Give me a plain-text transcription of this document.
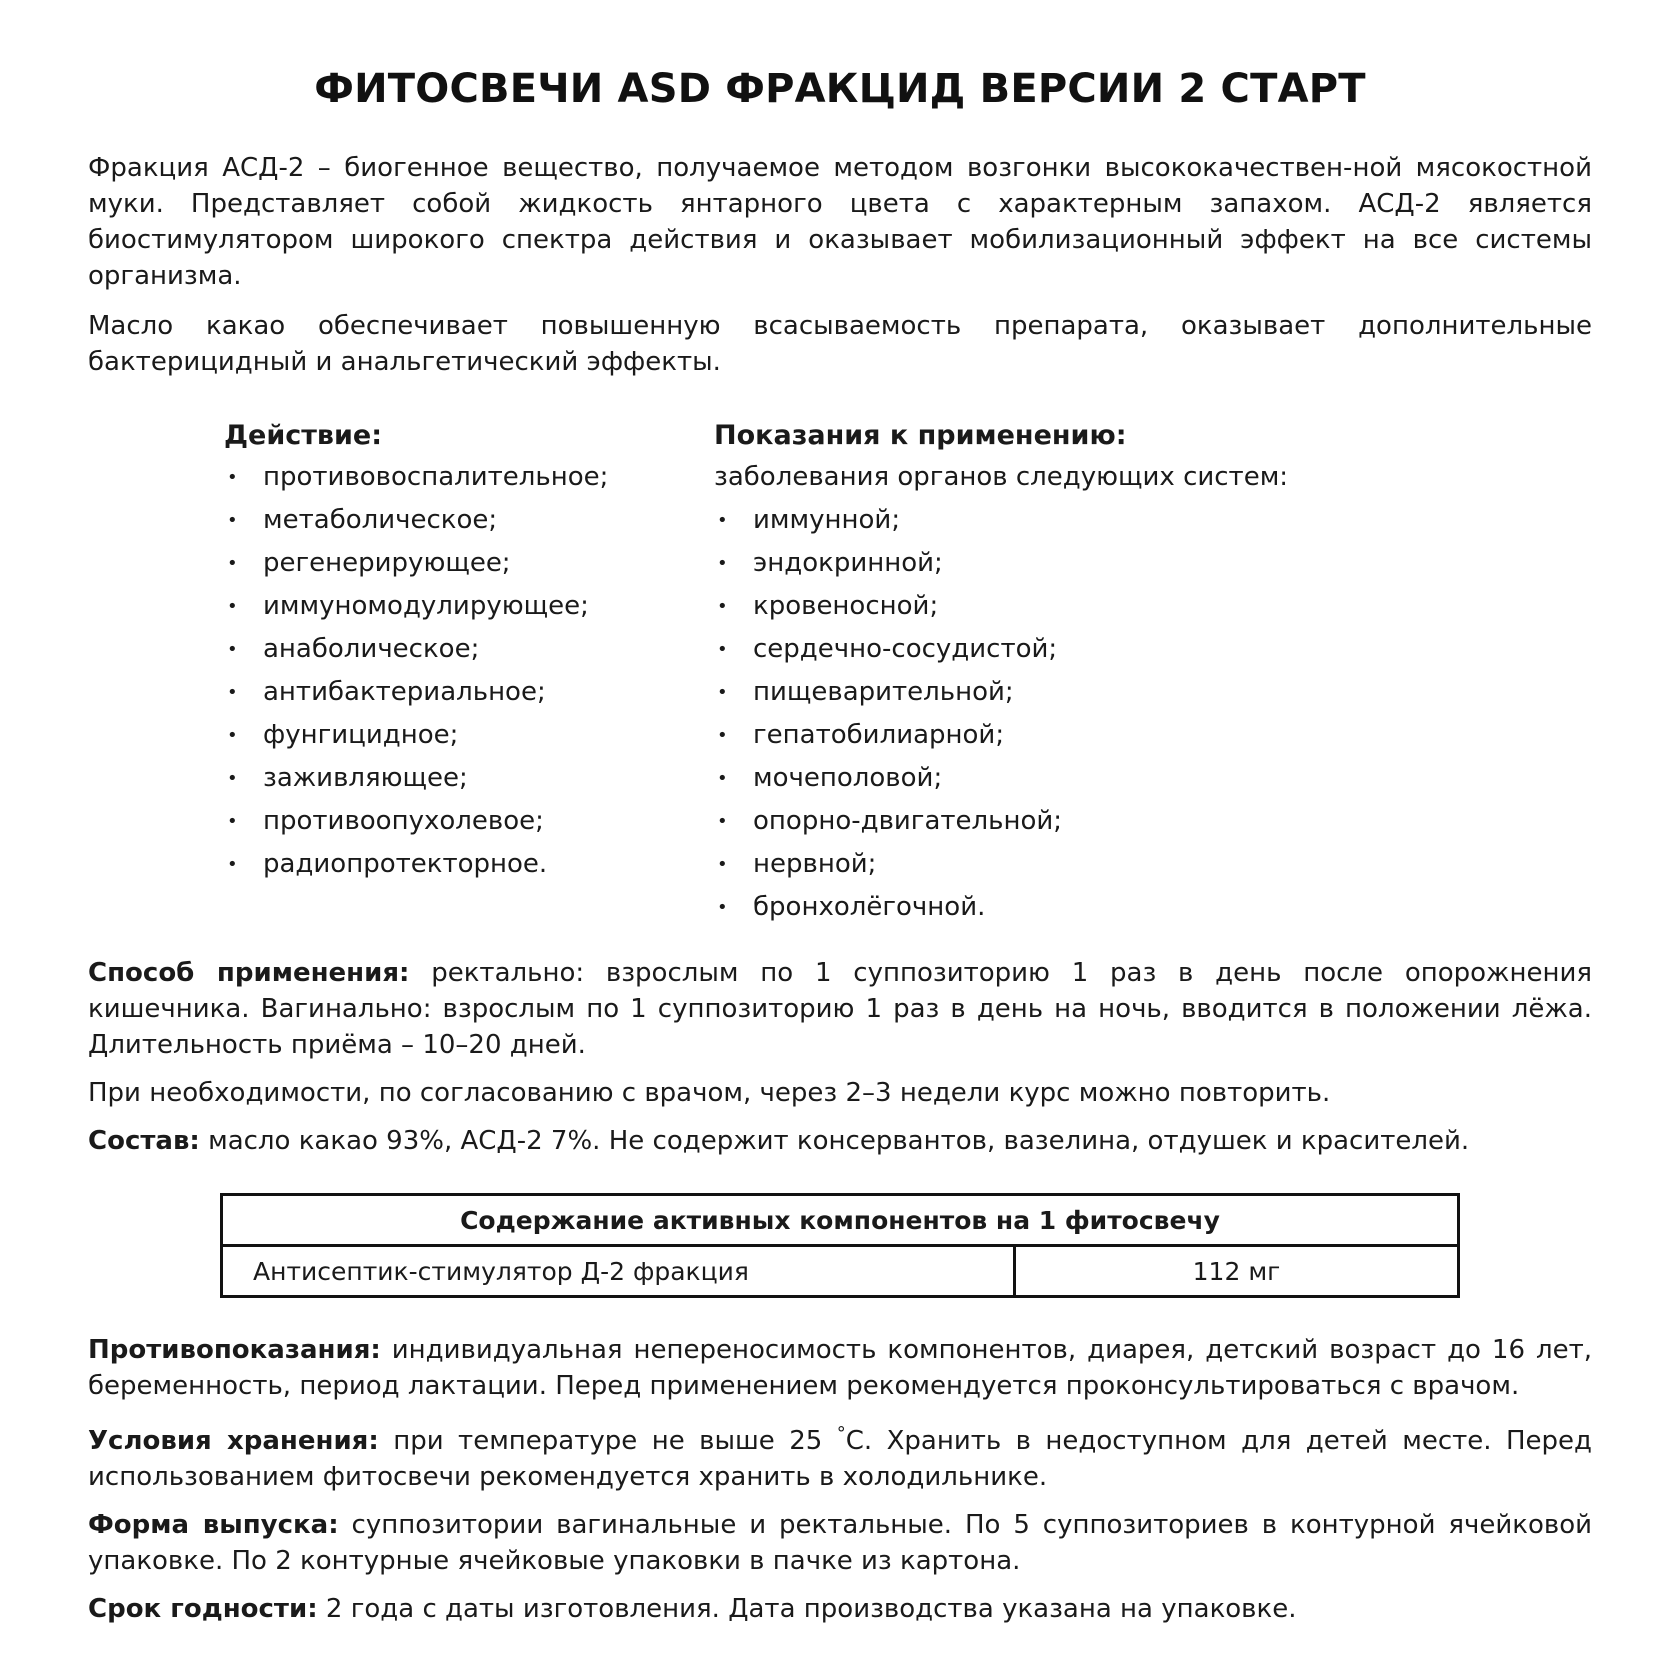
ФИТОСВЕЧИ ASD ФРАКЦИД ВЕРСИИ 2 СТАРТ

Фракция АСД-2 – биогенное вещество, получаемое методом возгонки высококачествен-ной мясокостной муки. Представляет собой жидкость янтарного цвета с характерным запахом. АСД-2 является биостимулятором широкого спектра действия и оказывает мобилизационный эффект на все системы организма.

Масло какао обеспечивает повышенную всасываемость препарата, оказывает дополнительные бактерицидный и анальгетический эффекты.

Действие:
• противовоспалительное;
• метаболическое;
• регенерирующее;
• иммуномодулирующее;
• анаболическое;
• антибактериальное;
• фунгицидное;
• заживляющее;
• противоопухолевое;
• радиопротекторное.
Показания к применению:
заболевания органов следующих систем:
• иммунной;
• эндокринной;
• кровеносной;
• сердечно-сосудистой;
• пищеварительной;
• гепатобилиарной;
• мочеполовой;
• опорно-двигательной;
• нервной;
• бронхолёгочной.

Способ применения: ректально: взрослым по 1 суппозиторию 1 раз в день после опорожнения кишечника. Вагинально: взрослым по 1 суппозиторию 1 раз в день на ночь, вводится в положении лёжа. Длительность приёма – 10–20 дней.

При необходимости, по согласованию с врачом, через 2–3 недели курс можно повторить.

Состав: масло какао 93%, АСД-2 7%. Не содержит консервантов, вазелина, отдушек и красителей.

Содержание активных компонентов на 1 фитосвечу
Антисептик-стимулятор Д-2 фракция	112 мг

Противопоказания: индивидуальная непереносимость компонентов, диарея, детский возраст до 16 лет, беременность, период лактации. Перед применением рекомендуется проконсультироваться с врачом.

Условия хранения: при температуре не выше 25 °С. Хранить в недоступном для детей месте. Перед использованием фитосвечи рекомендуется хранить в холодильнике.

Форма выпуска: суппозитории вагинальные и ректальные. По 5 суппозиториев в контурной ячейковой упаковке. По 2 контурные ячейковые упаковки в пачке из картона.

Срок годности: 2 года с даты изготовления. Дата производства указана на упаковке.
